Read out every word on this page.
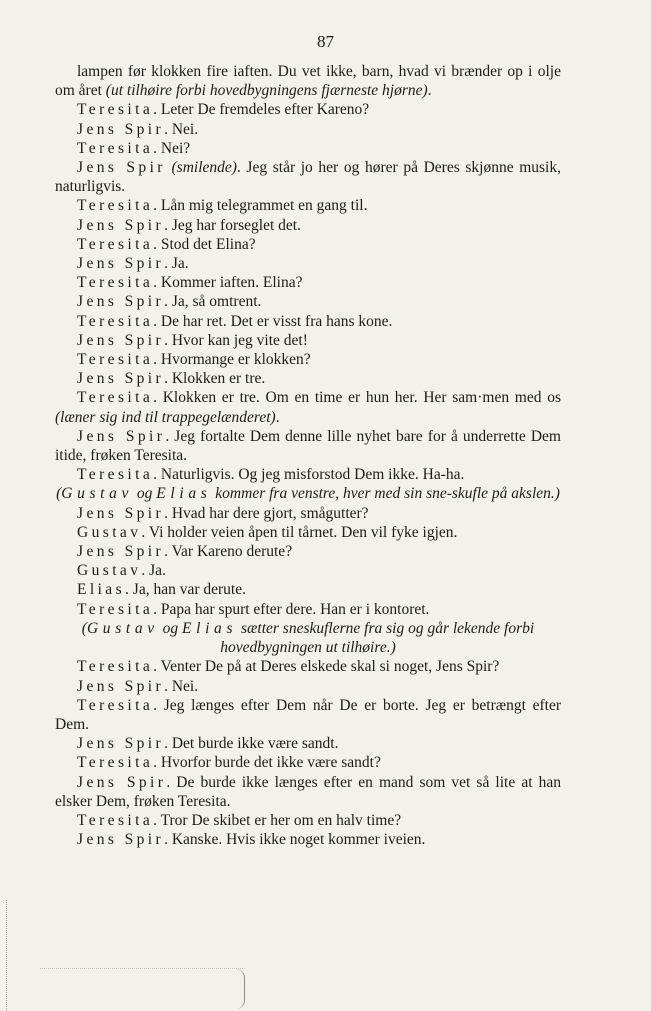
87

lampen før klokken fire iaften. Du vet ikke, barn, hvad vi brænder op i olje om året (ut tilhøire forbi hovedbygningens fjærneste hjørne).

Teresita. Leter De fremdeles efter Kareno?

Jens Spir. Nei.

Teresita. Nei?

Jens Spir (smilende). Jeg står jo her og hører på Deres skjønne musik, naturligvis.

Teresita. Lån mig telegrammet en gang til.

Jens Spir. Jeg har forseglet det.

Teresita. Stod det Elina?

Jens Spir. Ja.

Teresita. Kommer iaften. Elina?

Jens Spir. Ja, så omtrent.

Teresita. De har ret. Det er visst fra hans kone.

Jens Spir. Hvor kan jeg vite det!

Teresita. Hvormange er klokken?

Jens Spir. Klokken er tre.

Teresita. Klokken er tre. Om en time er hun her. Her sam·men med os (læner sig ind til trappegelænderet).

Jens Spir. Jeg fortalte Dem denne lille nyhet bare for å underrette Dem itide, frøken Teresita.

Teresita. Naturligvis. Og jeg misforstod Dem ikke. Ha-ha.

(Gustav og Elias kommer fra venstre, hver med sin sne-skufle på akslen.)

Jens Spir. Hvad har dere gjort, smågutter?

Gustav. Vi holder veien åpen til tårnet. Den vil fyke igjen.

Jens Spir. Var Kareno derute?

Gustav. Ja.

Elias. Ja, han var derute.

Teresita. Papa har spurt efter dere. Han er i kontoret.

(Gustav og Elias sætter sneskuflerne fra sig og går lekende forbi hovedbygningen ut tilhøire.)

Teresita. Venter De på at Deres elskede skal si noget, Jens Spir?

Jens Spir. Nei.

Teresita. Jeg længes efter Dem når De er borte. Jeg er betrængt efter Dem.

Jens Spir. Det burde ikke være sandt.

Teresita. Hvorfor burde det ikke være sandt?

Jens Spir. De burde ikke længes efter en mand som vet så lite at han elsker Dem, frøken Teresita.

Teresita. Tror De skibet er her om en halv time?

Jens Spir. Kanske. Hvis ikke noget kommer iveien.
